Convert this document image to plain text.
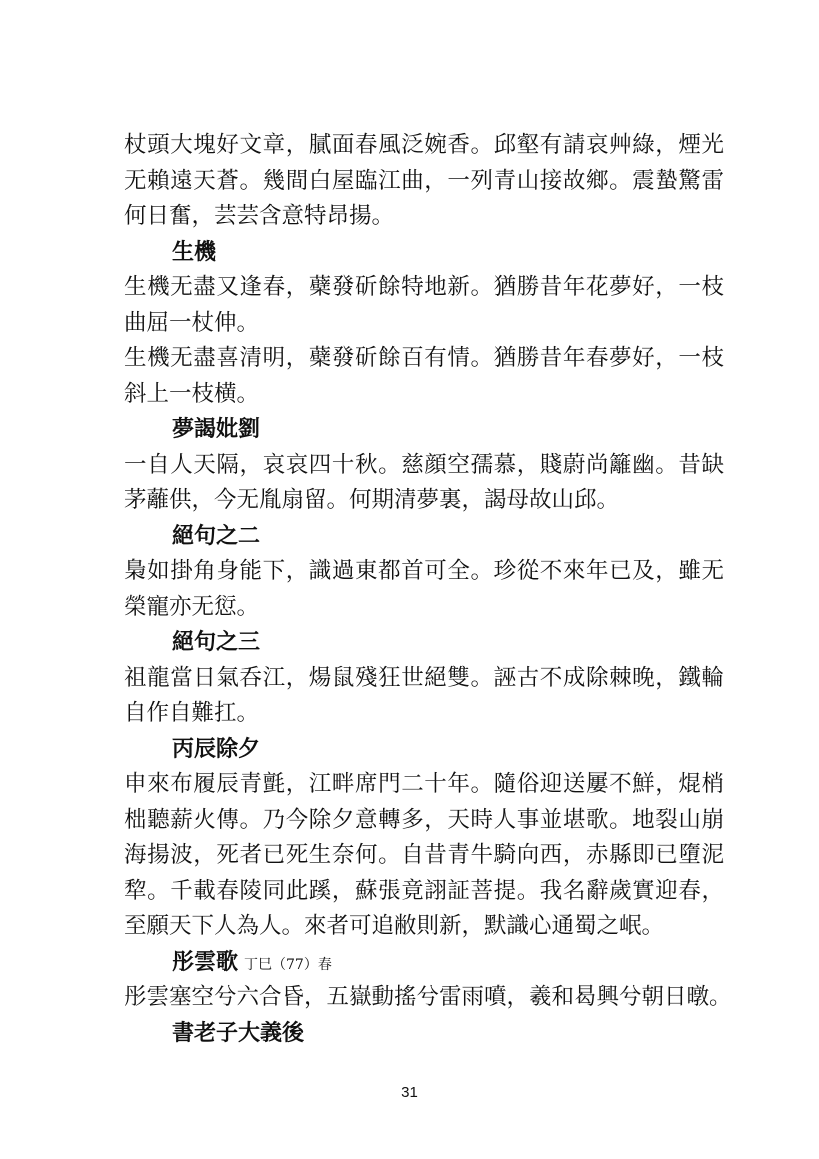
杖頭大塊好文章，膩面春風泛婉香。邱壑有請哀艸綠，煙光
无賴遠天蒼。幾間白屋臨江曲，一列青山接故鄉。震蟄驚雷
何日奮，芸芸含意特昂揚。
生機
生機无盡又逢春，蘗發斫餘特地新。猶勝昔年花夢好，一枝
曲屈一杖伸。
生機无盡喜清明，蘗發斫餘百有情。猶勝昔年春夢好，一枝
斜上一枝横。
夢謁妣劉
一自人天隔，哀哀四十秋。慈顔空孺慕，賤蔚尚籬幽。昔缺
茅蘺供，今无胤扇留。何期清夢裏，謁母故山邱。
絕句之二
梟如掛角身能下，識過東都首可全。珍從不來年已及，雖无
榮寵亦无愆。
絕句之三
祖龍當日氣呑江，煬鼠殘狂世絕雙。誣古不成除棘晚，鐵輪
自作自難扛。
丙辰除夕
申來布履辰青氈，江畔席門二十年。隨俗迎送屢不鮮，焜梢
柮聽薪火傳。乃今除夕意轉多，天時人事並堪歌。地裂山崩
海揚波，死者已死生奈何。自昔青牛騎向西，赤縣即已墮泥
犂。千載春陵同此蹊，蘇張竟詡証菩提。我名辭歲實迎春，
至願天下人為人。來者可追敝則新，默識心通蜀之岷。
彤雲歌 丁巳（77）春
彤雲塞空兮六合昏，五嶽動搖兮雷雨噴，羲和曷興兮朝日暾。
書老子大義後
31
